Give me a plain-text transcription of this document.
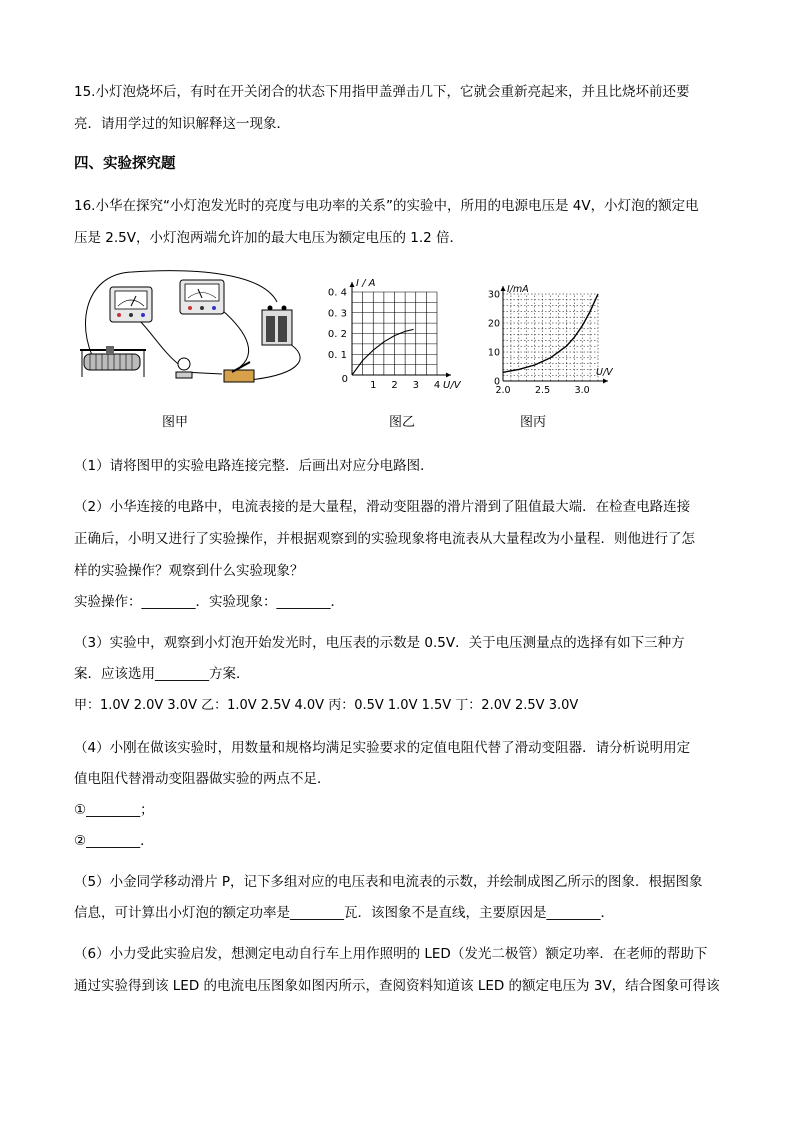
15.小灯泡烧坏后，有时在开关闭合的状态下用指甲盖弹击几下，它就会重新亮起来，并且比烧坏前还要
亮．请用学过的知识解释这一现象．
四、实验探究题
16.小华在探究“小灯泡发光时的亮度与电功率的关系”的实验中，所用的电源电压是 4V，小灯泡的额定电
压是 2.5V，小灯泡两端允许加的最大电压为额定电压的 1.2 倍．
图甲
0. 4
0. 3
0. 2
0. 1
1 2 3 4
0
I / A
U/V
图乙
30
20
10
0
2.0	2.5	3.0
I/mA
U/V
图丙
（1）请将图甲的实验电路连接完整．后画出对应分电路图．
（2）小华连接的电路中，电流表接的是大量程，滑动变阻器的滑片滑到了阻值最大端．在检查电路连接
正确后，小明又进行了实验操作，并根据观察到的实验现象将电流表从大量程改为小量程．则他进行了怎
样的实验操作？观察到什么实验现象？
实验操作：________．实验现象：________．
（3）实验中，观察到小灯泡开始发光时，电压表的示数是 0.5V．关于电压测量点的选择有如下三种方
案．应该选用________方案．
甲：1.0V 2.0V 3.0V 乙：1.0V 2.5V 4.0V 丙：0.5V 1.0V 1.5V 丁：2.0V 2.5V 3.0V
（4）小刚在做该实验时，用数量和规格均满足实验要求的定值电阻代替了滑动变阻器．请分析说明用定
值电阻代替滑动变阻器做实验的两点不足．
①________；
②________．
（5）小金同学移动滑片 P，记下多组对应的电压表和电流表的示数，并绘制成图乙所示的图象．根据图象
信息，可计算出小灯泡的额定功率是________瓦．该图象不是直线，主要原因是________．
（6）小力受此实验启发，想测定电动自行车上用作照明的 LED（发光二极管）额定功率．在老师的帮助下
通过实验得到该 LED 的电流电压图象如图丙所示，查阅资料知道该 LED 的额定电压为 3V，结合图象可得该
